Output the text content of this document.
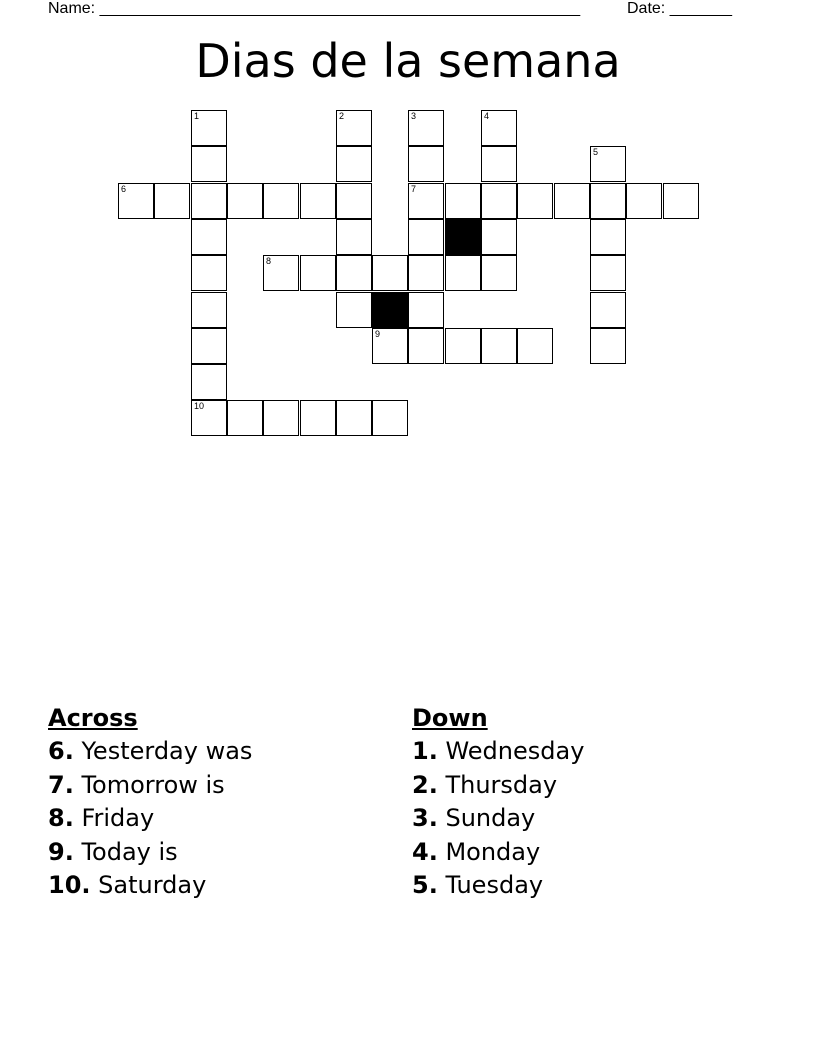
Name: ______________________________________________________	Date: _______
Dias de la semana
1
10
2	3
7
4
5
6
8
9
Across
6. Yesterday was
7. Tomorrow is
8. Friday
9. Today is
10. Saturday
Down
1. Wednesday
2. Thursday
3. Sunday
4. Monday
5. Tuesday
